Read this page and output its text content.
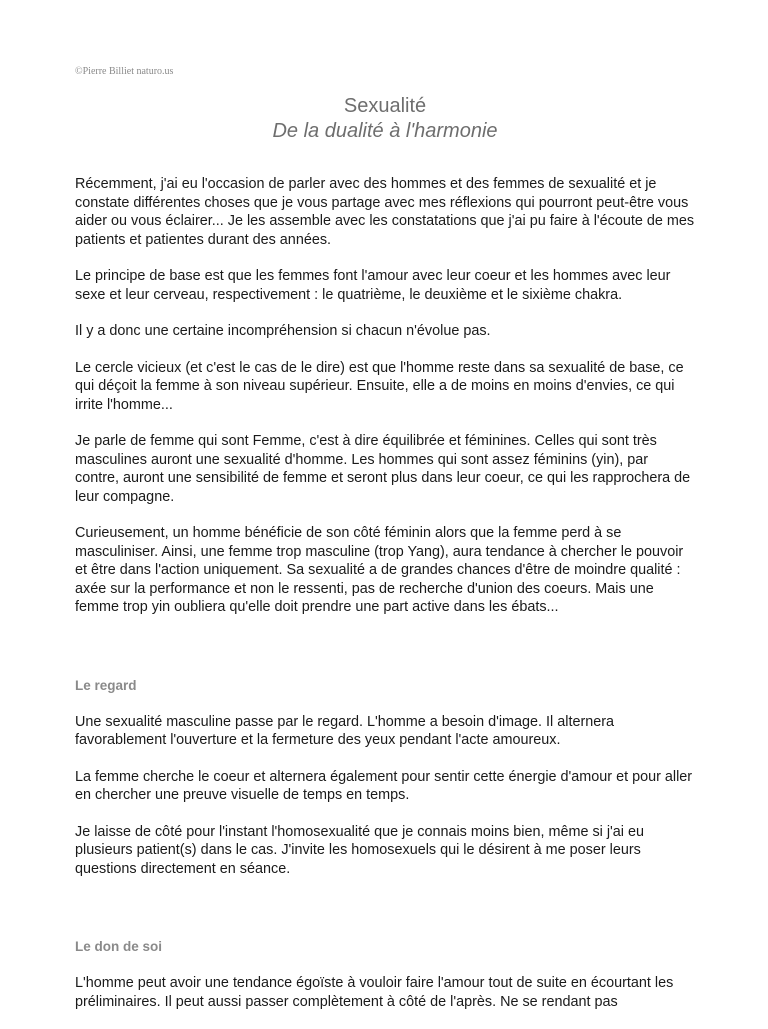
©Pierre Billiet naturo.us

Sexualité

De la dualité à l'harmonie

Récemment, j'ai eu l'occasion de parler avec des hommes et des femmes de sexualité et je constate différentes choses que je vous partage avec mes réflexions qui pourront peut-être vous aider ou vous éclairer... Je les assemble avec les constatations que j'ai pu faire à l'écoute de mes patients et patientes durant des années.

Le principe de base est que les femmes font l'amour avec leur coeur et les hommes avec leur sexe et leur cerveau, respectivement : le quatrième, le deuxième et le sixième chakra.

Il y a donc une certaine incompréhension si chacun n'évolue pas.

Le cercle vicieux (et c'est le cas de le dire) est que l'homme reste dans sa sexualité de base, ce qui déçoit la femme à son niveau supérieur. Ensuite, elle a de moins en moins d'envies, ce qui irrite l'homme...

Je parle de femme qui sont Femme, c'est à dire équilibrée et féminines. Celles qui sont très masculines auront une sexualité d'homme. Les hommes qui sont assez féminins (yin), par contre, auront une sensibilité de femme et seront plus dans leur coeur, ce qui les rapprochera de leur compagne.

Curieusement, un homme bénéficie de son côté féminin alors que la femme perd à se masculiniser. Ainsi, une femme trop masculine (trop Yang), aura tendance à chercher le pouvoir et être dans l'action uniquement. Sa sexualité a de grandes chances d'être de moindre qualité : axée sur la performance et non le ressenti, pas de recherche d'union des coeurs. Mais une femme trop yin oubliera qu'elle doit prendre une part active dans les ébats...

Le regard

Une sexualité masculine passe par le regard. L'homme a besoin d'image. Il alternera favorablement l'ouverture et la fermeture des yeux pendant l'acte amoureux.

La femme cherche le coeur et alternera également pour sentir cette énergie d'amour et pour aller en chercher une preuve visuelle de temps en temps.

Je laisse de côté pour l'instant l'homosexualité que je connais moins bien, même si j'ai eu plusieurs patient(s) dans le cas. J'invite les homosexuels qui le désirent à me poser leurs questions directement en séance.

Le don de soi

L'homme peut avoir une tendance égoïste à vouloir faire l'amour tout de suite en écourtant les préliminaires. Il peut aussi passer complètement à côté de l'après. Ne se rendant pas
